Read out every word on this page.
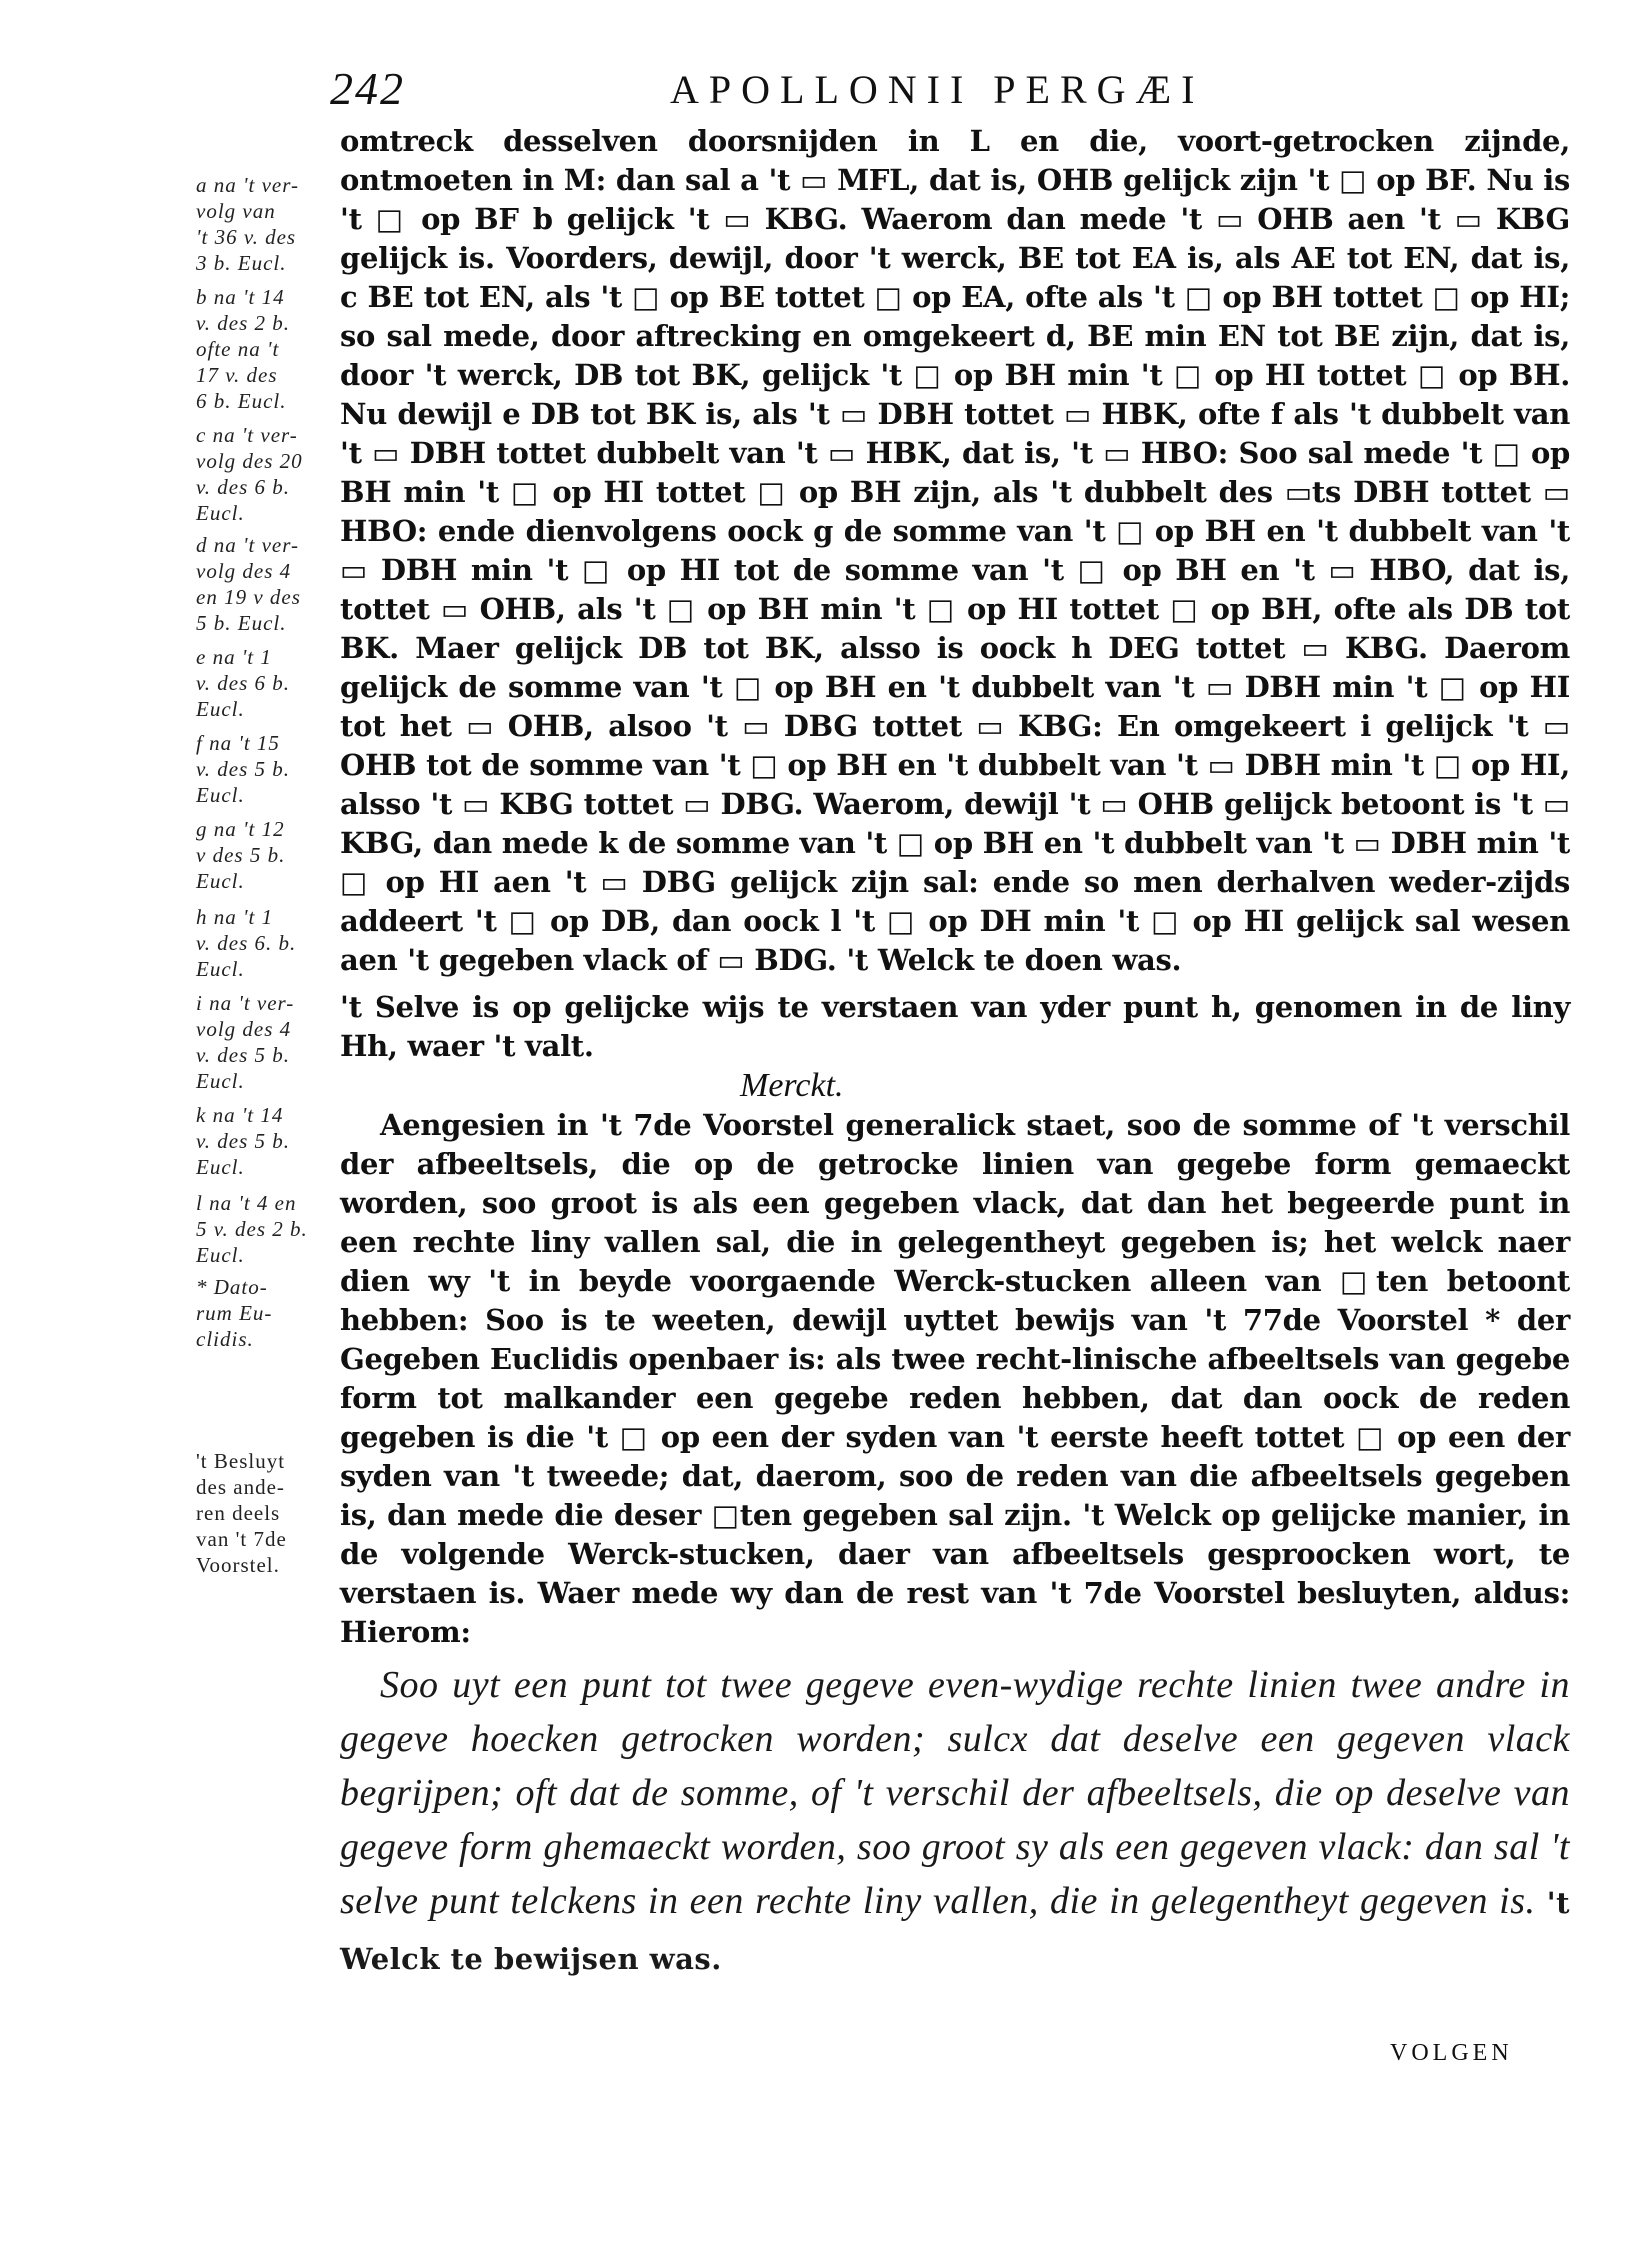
242	APOLLONII PERGÆI

a na 't ver-
volg van
't 36 v. des
3 b. Eucl.

b na 't 14
v. des 2 b.
ofte na 't
17 v. des
6 b. Eucl.

c na 't ver-
volg des 20
v. des 6 b.
Eucl.

d na 't ver-
volg des 4
en 19 v des
5 b. Eucl.

e na 't 1
v. des 6 b.
Eucl.

f na 't 15
v. des 5 b.
Eucl.

g na 't 12
v des 5 b.
Eucl.

h na 't 1
v. des 6. b.
Eucl.

i na 't ver-
volg des 4
v. des 5 b.
Eucl.

k na 't 14
v. des 5 b.
Eucl.

l na 't 4 en
5 v. des 2 b.
Eucl.

* Dato-
rum Eu-
clidis.

't Besluyt
des ande-
ren deels
van 't 7de
Voorstel.

omtreck desselven doorsnijden in L en die, voort-getrocken zijnde, ontmoeten in M: dan sal a 't ▭ MFL, dat is, OHB gelijck zijn 't □ op BF. Nu is 't □ op BF b gelijck 't ▭ KBG. Waerom dan mede 't ▭ OHB aen 't ▭ KBG gelijck is. Voorders, dewijl, door 't werck, BE tot EA is, als AE tot EN, dat is, c BE tot EN, als 't □ op BE tottet □ op EA, ofte als 't □ op BH tottet □ op HI; so sal mede, door aftrecking en omgekeert d, BE min EN tot BE zijn, dat is, door 't werck, DB tot BK, gelijck 't □ op BH min 't □ op HI tottet □ op BH. Nu dewijl e DB tot BK is, als 't ▭ DBH tottet ▭ HBK, ofte f als 't dubbelt van 't ▭ DBH tottet dubbelt van 't ▭ HBK, dat is, 't ▭ HBO: Soo sal mede 't □ op BH min 't □ op HI tottet □ op BH zijn, als 't dubbelt des ▭ts DBH tottet ▭ HBO: ende dienvolgens oock g de somme van 't □ op BH en 't dubbelt van 't ▭ DBH min 't □ op HI tot de somme van 't □ op BH en 't ▭ HBO, dat is, tottet ▭ OHB, als 't □ op BH min 't □ op HI tottet □ op BH, ofte als DB tot BK. Maer gelijck DB tot BK, alsso is oock h DEG tottet ▭ KBG. Daerom gelijck de somme van 't □ op BH en 't dubbelt van 't ▭ DBH min 't □ op HI tot het ▭ OHB, alsoo 't ▭ DBG tottet ▭ KBG: En omgekeert i gelijck 't ▭ OHB tot de somme van 't □ op BH en 't dubbelt van 't ▭ DBH min 't □ op HI, alsso 't ▭ KBG tottet ▭ DBG. Waerom, dewijl 't ▭ OHB gelijck betoont is 't ▭ KBG, dan mede k de somme van 't □ op BH en 't dubbelt van 't ▭ DBH min 't □ op HI aen 't ▭ DBG gelijck zijn sal: ende so men derhalven weder-zijds addeert 't □ op DB, dan oock l 't □ op DH min 't □ op HI gelijck sal wesen aen 't gegeben vlack of ▭ BDG. 't Welck te doen was.

't Selve is op gelijcke wijs te verstaen van yder punt h, genomen in de liny Hh, waer 't valt.

Merckt.

Aengesien in 't 7de Voorstel generalick staet, soo de somme of 't verschil der afbeeltsels, die op de getrocke linien van gegebe form gemaeckt worden, soo groot is als een gegeben vlack, dat dan het begeerde punt in een rechte liny vallen sal, die in gelegentheyt gegeben is; het welck naer dien wy 't in beyde voorgaende Werck-stucken alleen van □ten betoont hebben: Soo is te weeten, dewijl uyttet bewijs van 't 77de Voorstel * der Gegeben Euclidis openbaer is: als twee recht-linische afbeeltsels van gegebe form tot malkander een gegebe reden hebben, dat dan oock de reden gegeben is die 't □ op een der syden van 't eerste heeft tottet □ op een der syden van 't tweede; dat, daerom, soo de reden van die afbeeltsels gegeben is, dan mede die deser □ten gegeben sal zijn. 't Welck op gelijcke manier, in de volgende Werck-stucken, daer van afbeeltsels gesproocken wort, te verstaen is. Waer mede wy dan de rest van 't 7de Voorstel besluyten, aldus: Hierom:

Soo uyt een punt tot twee gegeve even-wydige rechte linien twee andre in gegeve hoecken getrocken worden; sulcx dat deselve een gegeven vlack begrijpen; oft dat de somme, of 't verschil der afbeeltsels, die op deselve van gegeve form ghemaeckt worden, soo groot sy als een gegeven vlack: dan sal 't selve punt telckens in een rechte liny vallen, die in gelegentheyt gegeven is. 't Welck te bewijsen was.

VOLGEN
